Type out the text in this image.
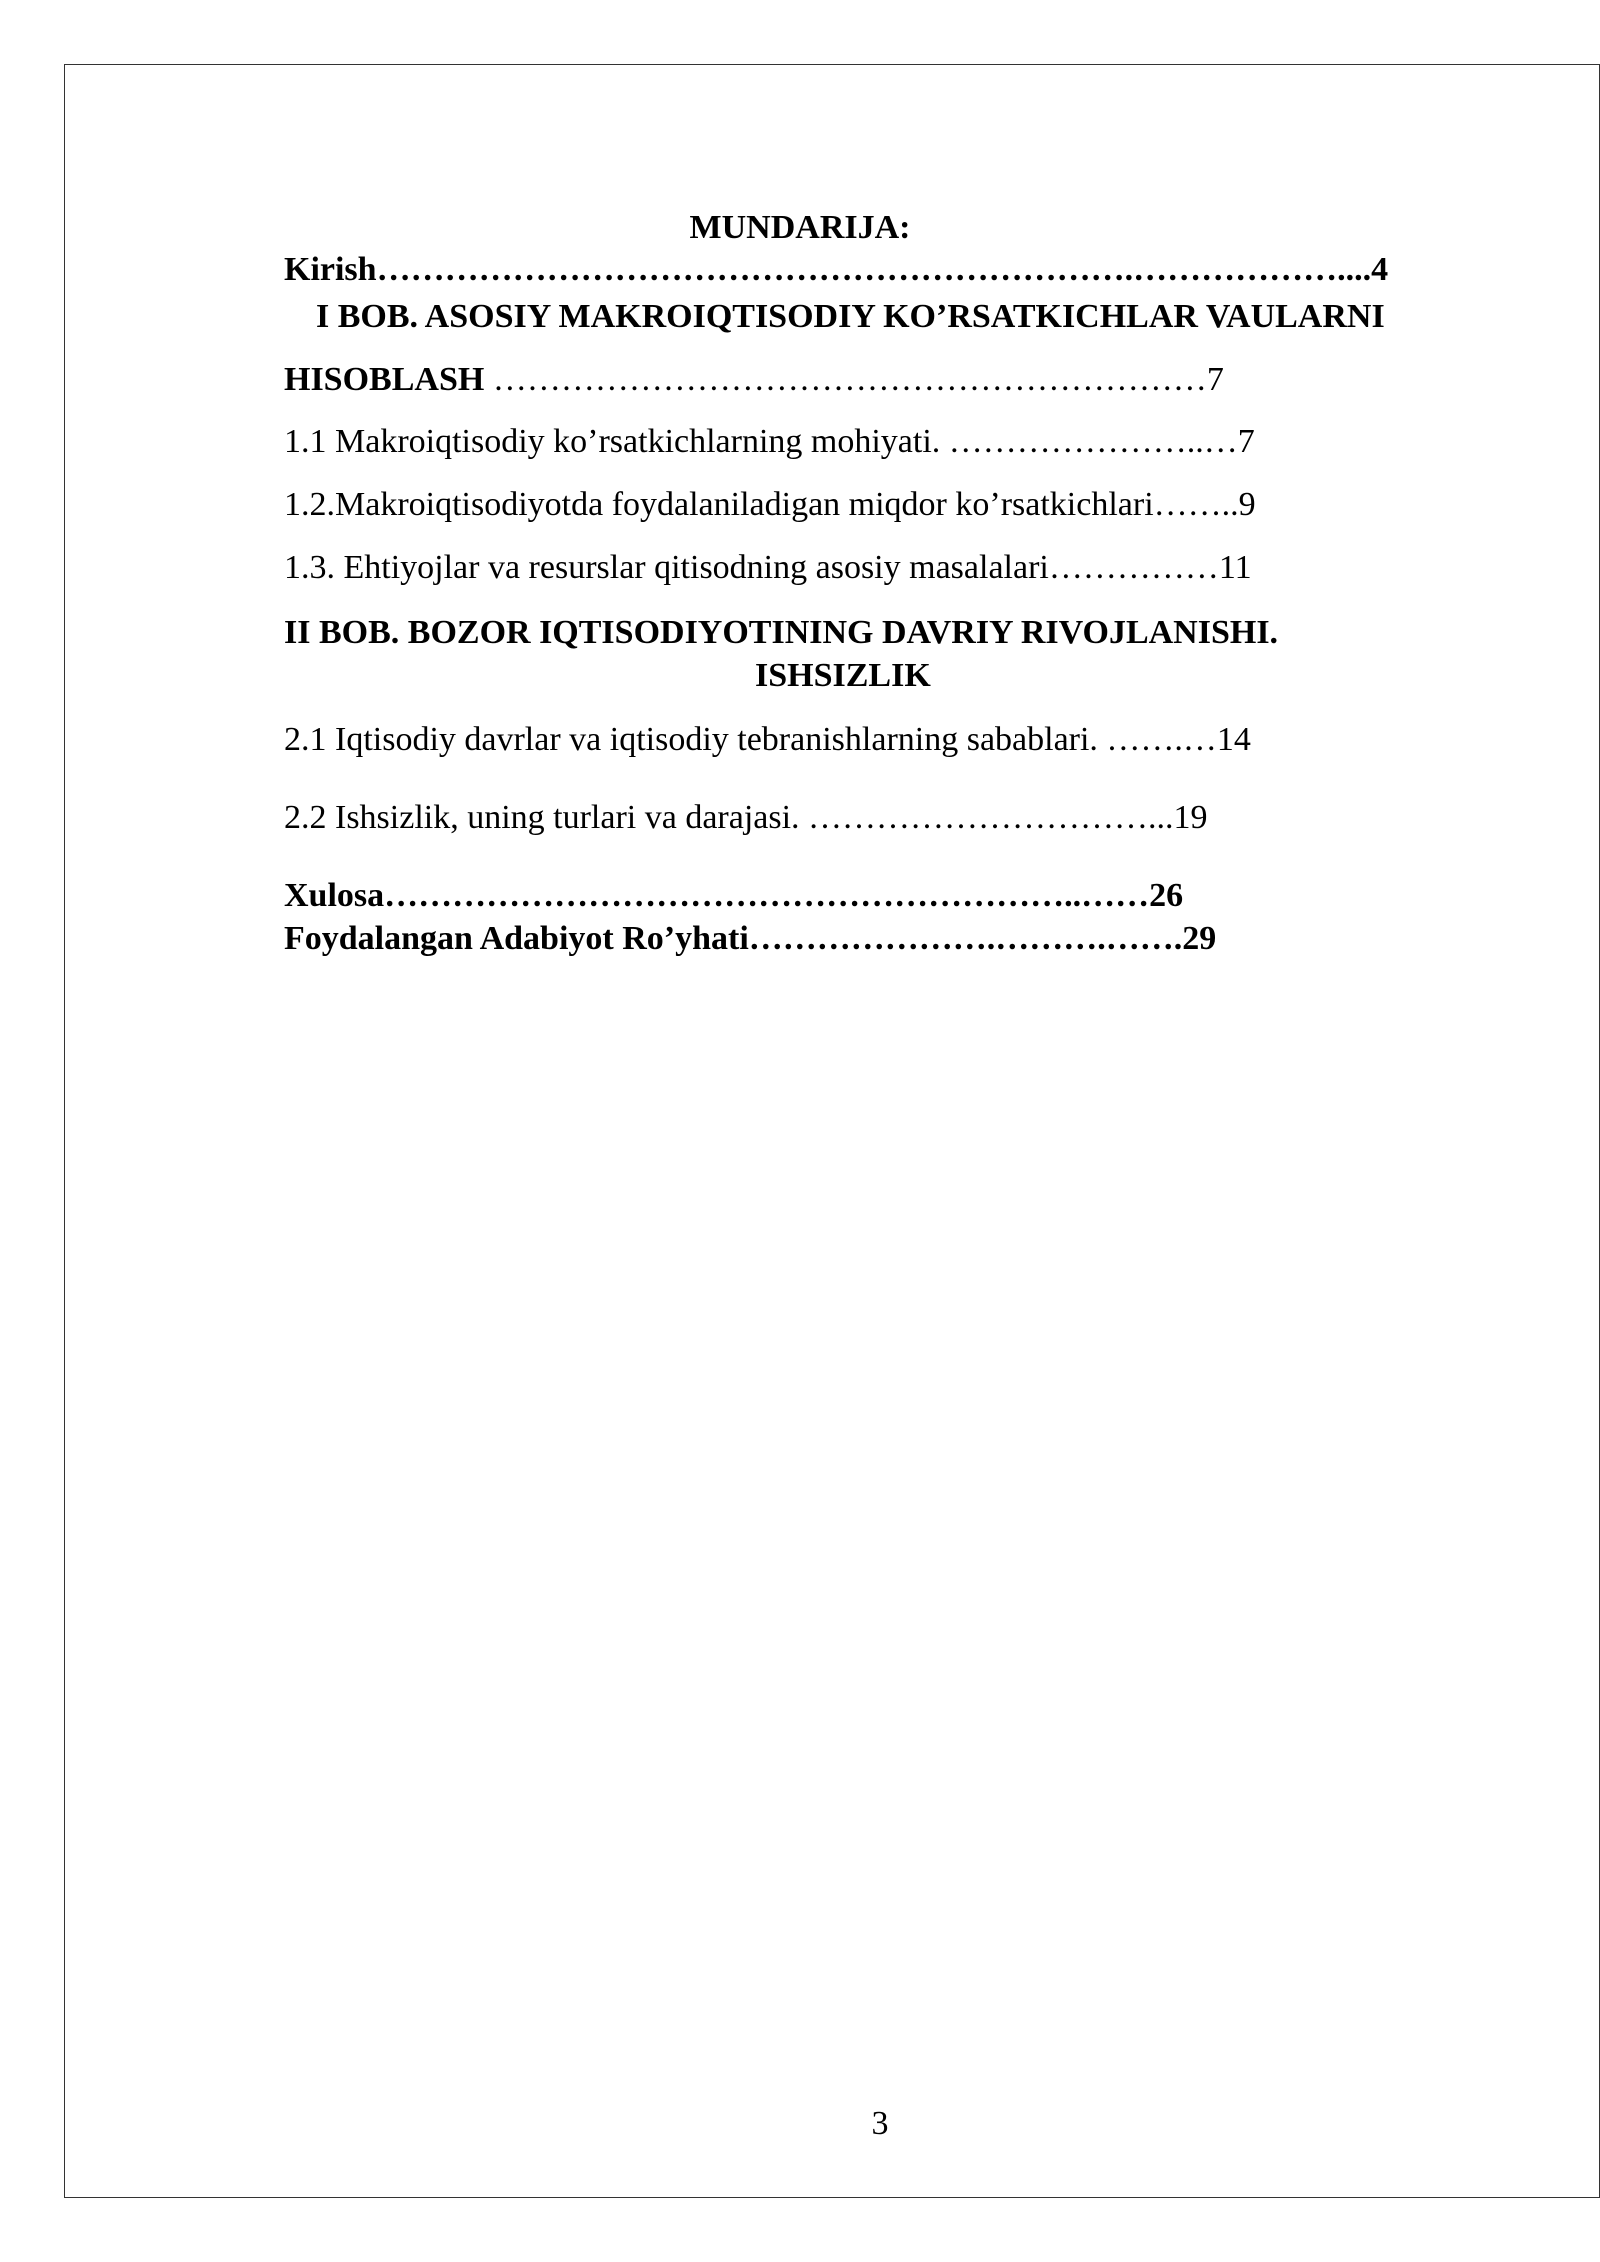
MUNDARIJA:
Kirish………………………………………………………….………………....4
I BOB. ASOSIY MAKROIQTISODIY KO’RSATKICHLAR VAULARNI
HISOBLASH ………………………………………………………7
1.1 Makroiqtisodiy ko’rsatkichlarning mohiyati. …………………..…7
1.2.Makroiqtisodiyotda foydalaniladigan miqdor ko’rsatkichlari……..9
1.3. Ehtiyojlar va resurslar qitisodning asosiy masalalari……………11
II BOB. BOZOR IQTISODIYOTINING DAVRIY RIVOJLANISHI.
ISHSIZLIK
2.1 Iqtisodiy davrlar va iqtisodiy tebranishlarning sabablari. …….…14
2.2 Ishsizlik, uning turlari va darajasi. …………………………...19
Xulosa……………………………………………………..……26
Foydalangan Adabiyot Ro’yhati………………….……….…….29
3
